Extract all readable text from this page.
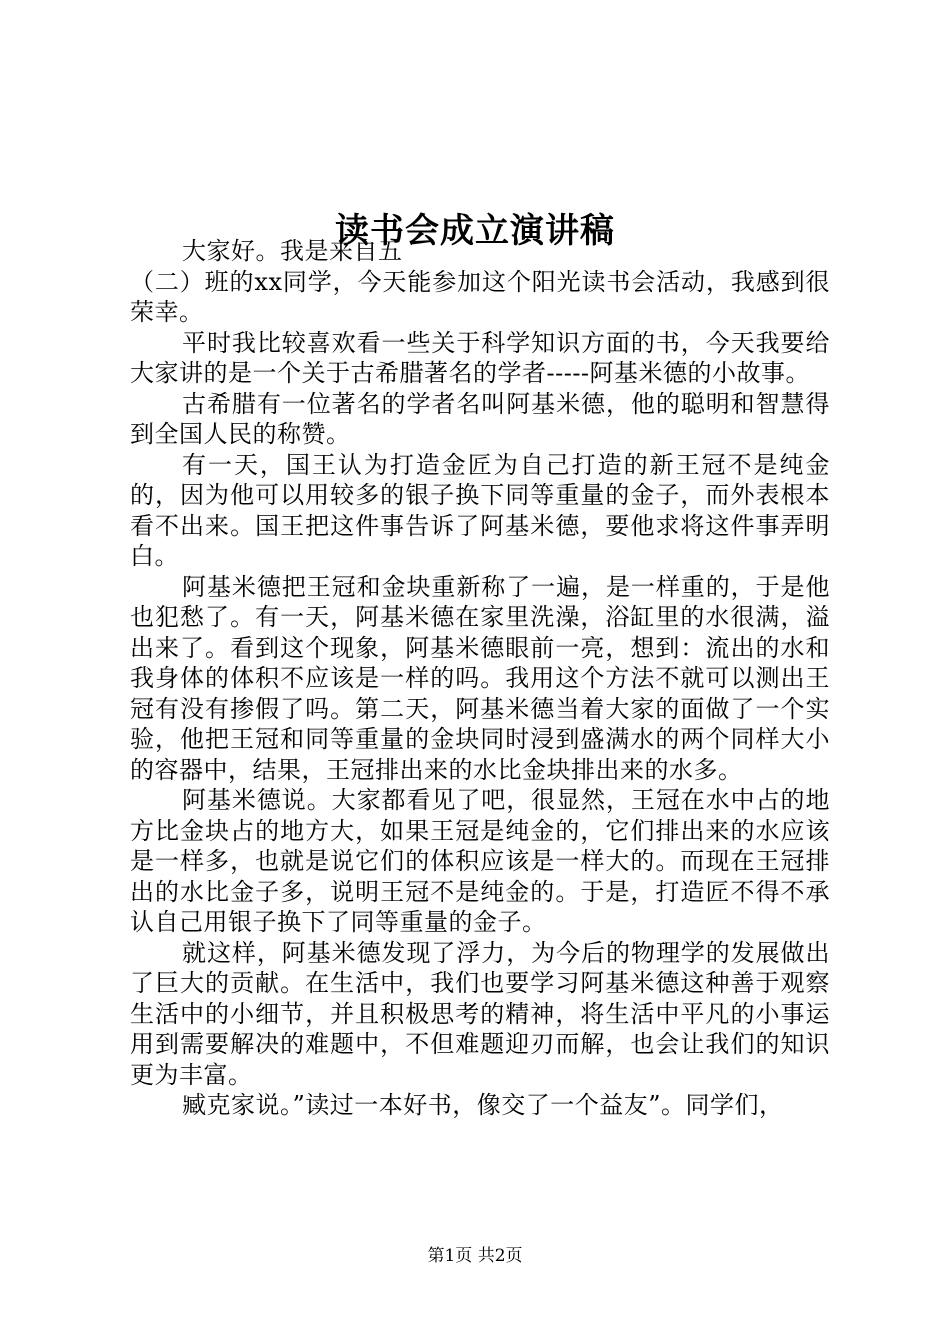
读书会成立演讲稿

大家好。我是来自五

（二）班的xx同学，今天能参加这个阳光读书会活动，我感到很荣幸。

平时我比较喜欢看一些关于科学知识方面的书，今天我要给大家讲的是一个关于古希腊著名的学者-----阿基米德的小故事。

古希腊有一位著名的学者名叫阿基米德，他的聪明和智慧得到全国人民的称赞。

有一天，国王认为打造金匠为自己打造的新王冠不是纯金的，因为他可以用较多的银子换下同等重量的金子，而外表根本看不出来。国王把这件事告诉了阿基米德，要他求将这件事弄明白。

阿基米德把王冠和金块重新称了一遍，是一样重的，于是他也犯愁了。有一天，阿基米德在家里洗澡，浴缸里的水很满，溢出来了。看到这个现象，阿基米德眼前一亮，想到：流出的水和我身体的体积不应该是一样的吗。我用这个方法不就可以测出王冠有没有掺假了吗。第二天，阿基米德当着大家的面做了一个实验，他把王冠和同等重量的金块同时浸到盛满水的两个同样大小的容器中，结果，王冠排出来的水比金块排出来的水多。

阿基米德说。大家都看见了吧，很显然，王冠在水中占的地方比金块占的地方大，如果王冠是纯金的，它们排出来的水应该是一样多，也就是说它们的体积应该是一样大的。而现在王冠排出的水比金子多，说明王冠不是纯金的。于是，打造匠不得不承认自己用银子换下了同等重量的金子。

就这样，阿基米德发现了浮力，为今后的物理学的发展做出了巨大的贡献。在生活中，我们也要学习阿基米德这种善于观察生活中的小细节，并且积极思考的精神，将生活中平凡的小事运用到需要解决的难题中，不但难题迎刃而解，也会让我们的知识更为丰富。

臧克家说。”读过一本好书，像交了一个益友”。同学们，

第1页 共2页
